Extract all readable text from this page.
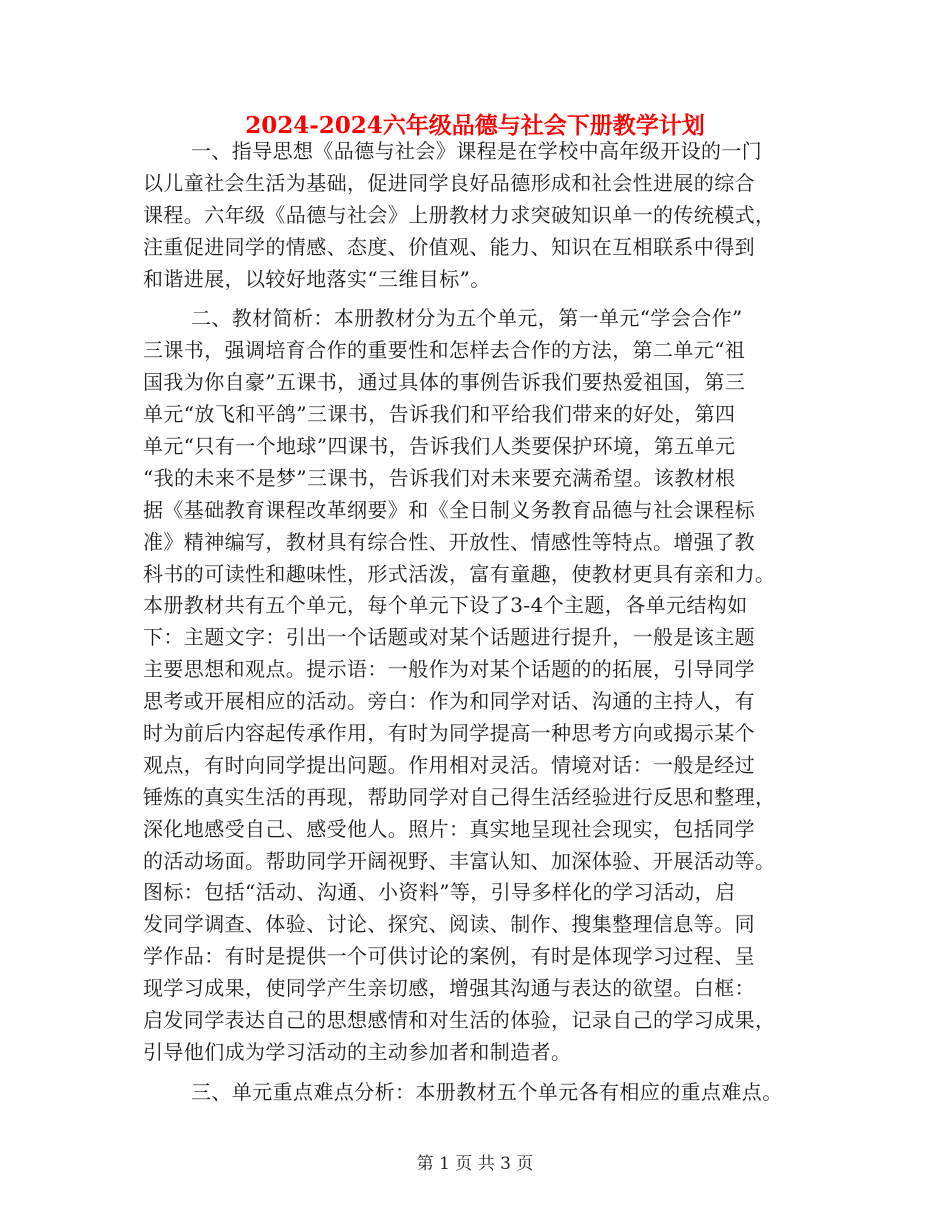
2024-2024六年级品德与社会下册教学计划

一、指导思想《品德与社会》课程是在学校中高年级开设的一门
以儿童社会生活为基础，促进同学良好品德形成和社会性进展的综合
课程。六年级《品德与社会》上册教材力求突破知识单一的传统模式，
注重促进同学的情感、态度、价值观、能力、知识在互相联系中得到
和谐进展，以较好地落实“三维目标”。

二、教材简析：本册教材分为五个单元，第一单元“学会合作”
三课书，强调培育合作的重要性和怎样去合作的方法，第二单元“祖
国我为你自豪”五课书，通过具体的事例告诉我们要热爱祖国，第三
单元“放飞和平鸽”三课书，告诉我们和平给我们带来的好处，第四
单元“只有一个地球”四课书，告诉我们人类要保护环境，第五单元
“我的未来不是梦”三课书，告诉我们对未来要充满希望。该教材根
据《基础教育课程改革纲要》和《全日制义务教育品德与社会课程标
准》精神编写，教材具有综合性、开放性、情感性等特点。增强了教
科书的可读性和趣味性，形式活泼，富有童趣，使教材更具有亲和力。
本册教材共有五个单元，每个单元下设了3-4个主题，各单元结构如
下：主题文字：引出一个话题或对某个话题进行提升，一般是该主题
主要思想和观点。提示语：一般作为对某个话题的的拓展，引导同学
思考或开展相应的活动。旁白：作为和同学对话、沟通的主持人，有
时为前后内容起传承作用，有时为同学提高一种思考方向或揭示某个
观点，有时向同学提出问题。作用相对灵活。情境对话：一般是经过
锤炼的真实生活的再现，帮助同学对自己得生活经验进行反思和整理，
深化地感受自己、感受他人。照片：真实地呈现社会现实，包括同学
的活动场面。帮助同学开阔视野、丰富认知、加深体验、开展活动等。
图标：包括“活动、沟通、小资料”等，引导多样化的学习活动，启
发同学调查、体验、讨论、探究、阅读、制作、搜集整理信息等。同
学作品：有时是提供一个可供讨论的案例，有时是体现学习过程、呈
现学习成果，使同学产生亲切感，增强其沟通与表达的欲望。白框：
启发同学表达自己的思想感情和对生活的体验，记录自己的学习成果，
引导他们成为学习活动的主动参加者和制造者。

三、单元重点难点分析：本册教材五个单元各有相应的重点难点。

第 1 页 共 3 页
